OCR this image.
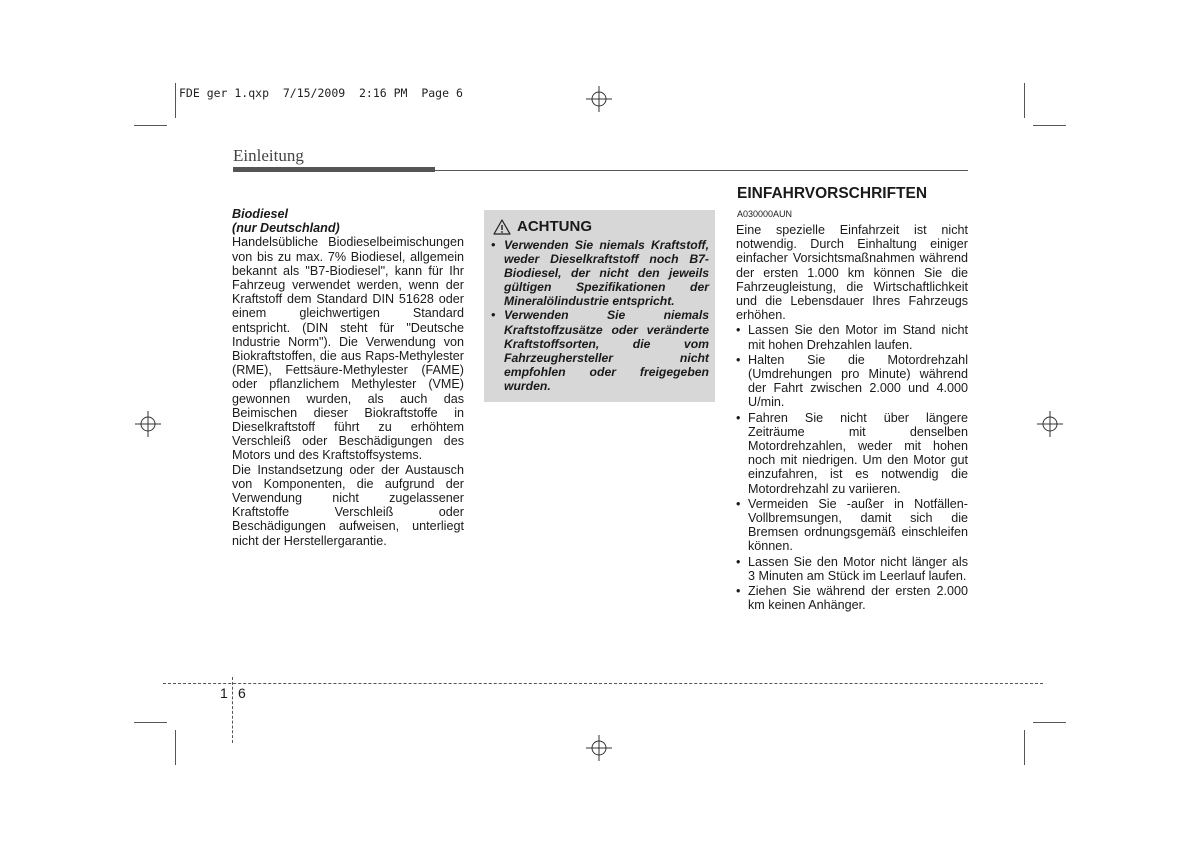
FDE ger 1.qxp  7/15/2009  2:16 PM  Page 6
Einleitung

Biodiesel

(nur Deutschland)

Handelsübliche Biodieselbeimischungen von bis zu max. 7% Biodiesel, allgemein bekannt als "B7-Biodiesel", kann für Ihr Fahrzeug verwendet werden, wenn der Kraftstoff dem Standard DIN 51628 oder einem gleichwertigen Standard entspricht. (DIN steht für "Deutsche Industrie Norm"). Die Verwendung von Biokraftstoffen, die aus Raps-Methylester (RME), Fettsäure-Methylester (FAME) oder pflanzlichem Methylester (VME) gewonnen wurden, als auch das Beimischen dieser Biokraftstoffe in Dieselkraftstoff führt zu erhöhtem Verschleiß oder Beschädigungen des Motors und des Kraftstoffsystems.

Die Instandsetzung oder der Austausch von Komponenten, die aufgrund der Verwendung nicht zugelassener Kraftstoffe Verschleiß oder Beschädigungen aufweisen, unterliegt nicht der Herstellergarantie.

ACHTUNG
• Verwenden Sie niemals Kraftstoff, weder Dieselkraftstoff noch B7-Biodiesel, der nicht den jeweils gültigen Spezifikationen der Mineralölindustrie entspricht.
• Verwenden Sie niemals Kraftstoffzusätze oder veränderte Kraftstoffsorten, die vom Fahrzeughersteller nicht empfohlen oder freigegeben wurden.
EINFAHRVORSCHRIFTEN
A030000AUN

Eine spezielle Einfahrzeit ist nicht notwendig. Durch Einhaltung einiger einfacher Vorsichtsmaßnahmen während der ersten 1.000 km können Sie die Fahrzeugleistung, die Wirtschaftlichkeit und die Lebensdauer Ihres Fahrzeugs erhöhen.

• Lassen Sie den Motor im Stand nicht mit hohen Drehzahlen laufen.
• Halten Sie die Motordrehzahl (Umdrehungen pro Minute) während der Fahrt zwischen 2.000 und 4.000 U/min.
• Fahren Sie nicht über längere Zeiträume mit denselben Motordrehzahlen, weder mit hohen noch mit niedrigen. Um den Motor gut einzufahren, ist es notwendig die Motordrehzahl zu variieren.
• Vermeiden Sie -außer in Notfällen-Vollbremsungen, damit sich die Bremsen ordnungsgemäß einschleifen können.
• Lassen Sie den Motor nicht länger als 3 Minuten am Stück im Leerlauf laufen.
• Ziehen Sie während der ersten 2.000 km keinen Anhänger.
1 6
